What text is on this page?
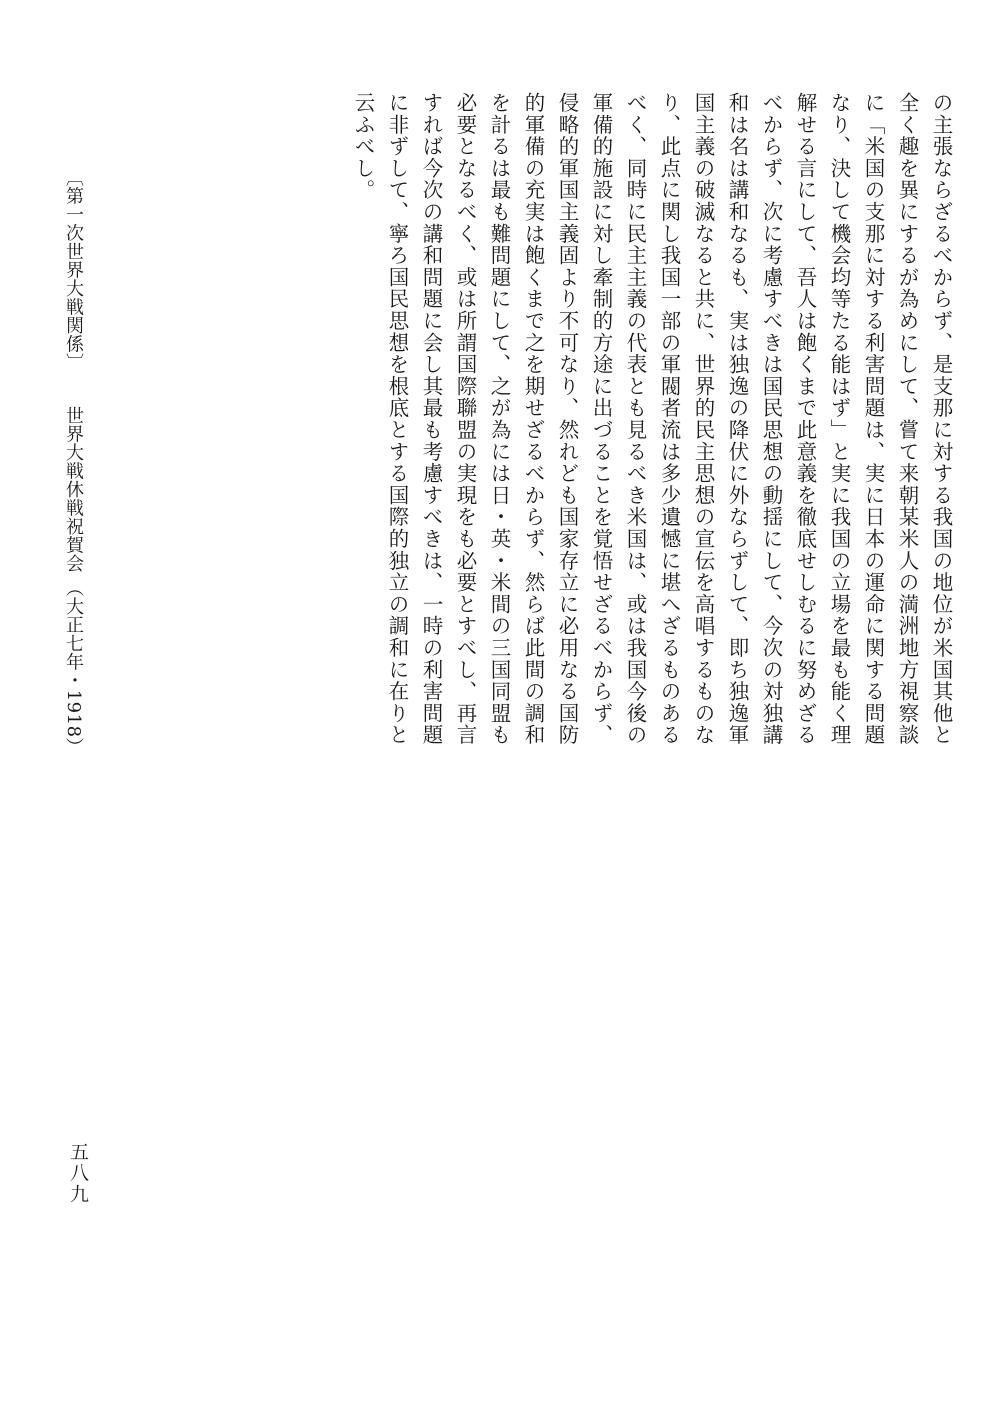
〔第一次世界大戦関係〕 世界大戦休戦祝賀会 （大正七年・1918）	の主張ならざるべからず、是支那に対する我国の地位が米国其他と
全く趣を異にするが為めにして、嘗て来朝某米人の満洲地方視察談
に「米国の支那に対する利害問題は、実に日本の運命に関する問題
なり、決して機会均等たる能はず」と実に我国の立場を最も能く理
解せる言にして、吾人は飽くまで此意義を徹底せしむるに努めざる
べからず、次に考慮すべきは国民思想の動揺にして、今次の対独講
和は名は講和なるも、実は独逸の降伏に外ならずして、即ち独逸軍
国主義の破滅なると共に、世界的民主思想の宣伝を高唱するものな
り、此点に関し我国一部の軍閥者流は多少遺憾に堪へざるものある
べく、同時に民主主義の代表とも見るべき米国は、或は我国今後の
軍備的施設に対し牽制的方途に出づることを覚悟せざるべからず、
侵略的軍国主義固より不可なり、然れども国家存立に必用なる国防
的軍備の充実は飽くまで之を期せざるべからず、然らば此間の調和
を計るは最も難問題にして、之が為には日・英・米間の三国同盟も
必要となるべく、或は所謂国際聯盟の実現をも必要とすべし、再言
すれば今次の講和問題に会し其最も考慮すべきは、一時の利害問題
に非ずして、寧ろ国民思想を根底とする国際的独立の調和に在りと
云ふべし。
五八九
